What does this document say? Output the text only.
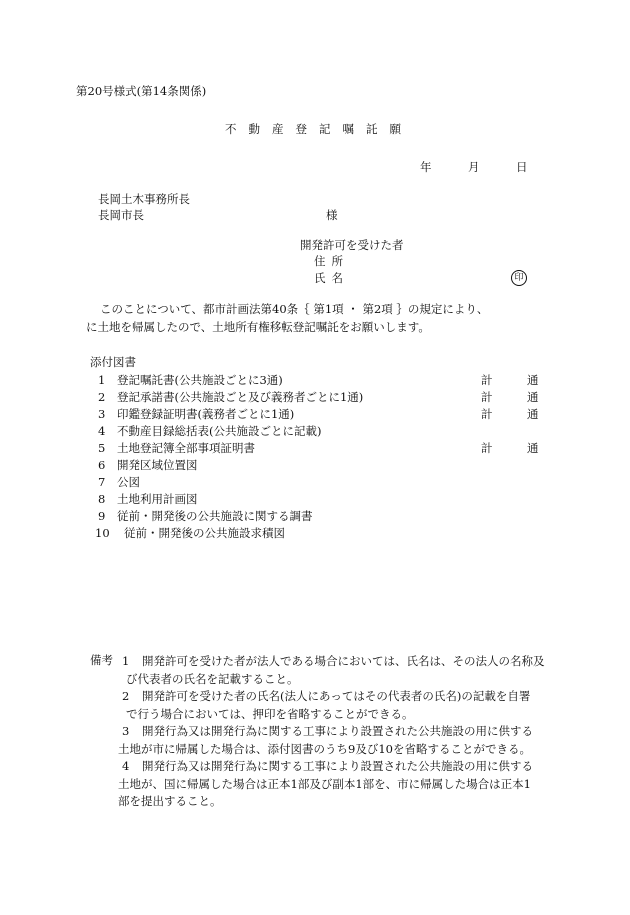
第20号様式(第14条関係)
不動産登記嘱託願
年	月	日
長岡土木事務所長
長岡市長	様
開発許可を受けた者
住所
氏名	印
このことについて、都市計画法第40条｛ 第1項 ・ 第2項 ｝の規定により、
に土地を帰属したので、土地所有権移転登記嘱託をお願いします。
添付図書
1 登記嘱託書(公共施設ごとに3通)	計	通
2 登記承諾書(公共施設ごと及び義務者ごとに1通)	計	通
3 印鑑登録証明書(義務者ごとに1通)	計	通
4 不動産目録総括表(公共施設ごとに記載)
5 土地登記簿全部事項証明書	計	通
6 開発区域位置図
7 公図
8 土地利用計画図
9 従前・開発後の公共施設に関する調書
10 従前・開発後の公共施設求積図
備考 1 開発許可を受けた者が法人である場合においては、氏名は、その法人の名称及
び代表者の氏名を記載すること。
2 開発許可を受けた者の氏名(法人にあってはその代表者の氏名)の記載を自署
で行う場合においては、押印を省略することができる。
3 開発行為又は開発行為に関する工事により設置された公共施設の用に供する
土地が市に帰属した場合は、添付図書のうち9及び10を省略することができる。
4 開発行為又は開発行為に関する工事により設置された公共施設の用に供する
土地が、国に帰属した場合は正本1部及び副本1部を、市に帰属した場合は正本1
部を提出すること。
